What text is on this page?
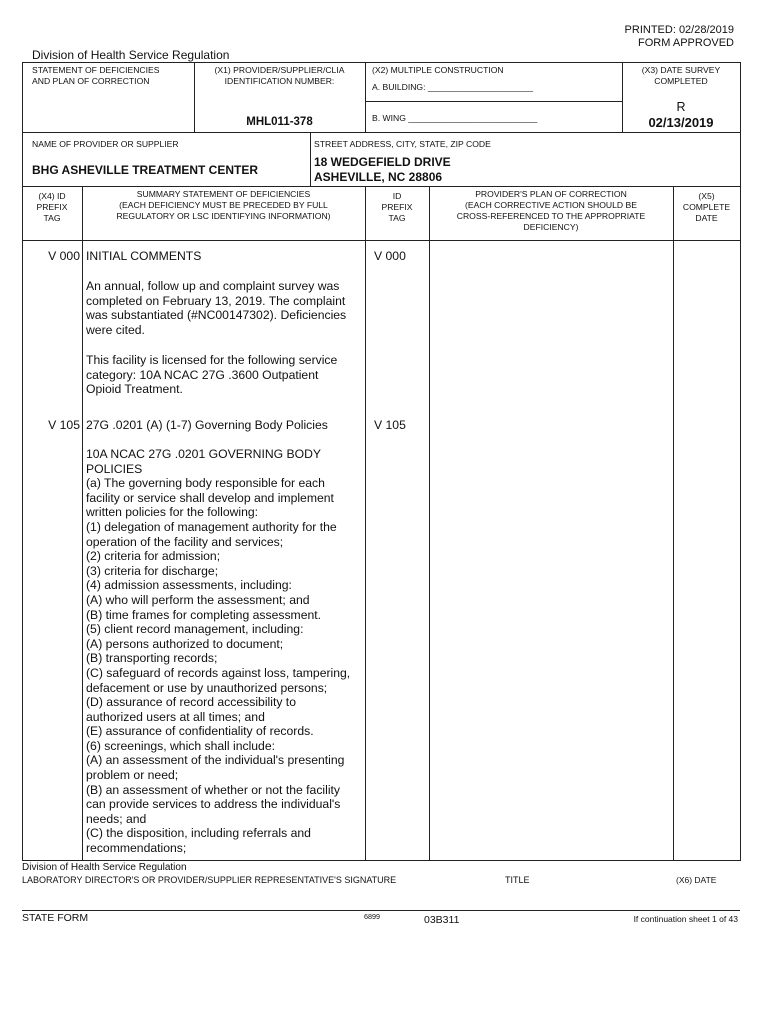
PRINTED: 02/28/2019
FORM APPROVED
Division of Health Service Regulation
STATEMENT OF DEFICIENCIES
AND PLAN OF CORRECTION
(X1) PROVIDER/SUPPLIER/CLIA
IDENTIFICATION NUMBER:
MHL011-378
(X2) MULTIPLE CONSTRUCTION
A. BUILDING: ______________________
B. WING ___________________________
(X3) DATE SURVEY
COMPLETED
R
02/13/2019
NAME OF PROVIDER OR SUPPLIER
BHG ASHEVILLE TREATMENT CENTER
STREET ADDRESS, CITY, STATE, ZIP CODE
18 WEDGEFIELD DRIVE
ASHEVILLE, NC 28806
(X4) ID
PREFIX
TAG
SUMMARY STATEMENT OF DEFICIENCIES
(EACH DEFICIENCY MUST BE PRECEDED BY FULL
REGULATORY OR LSC IDENTIFYING INFORMATION)
ID
PREFIX
TAG
PROVIDER'S PLAN OF CORRECTION
(EACH CORRECTIVE ACTION SHOULD BE
CROSS-REFERENCED TO THE APPROPRIATE
DEFICIENCY)
(X5)
COMPLETE
DATE
V 000	V 000
INITIAL COMMENTS
An annual, follow up and complaint survey was
completed on February 13, 2019. The complaint
was substantiated (#NC00147302). Deficiencies
were cited.
This facility is licensed for the following service
category: 10A NCAC 27G .3600 Outpatient
Opioid Treatment.
V 105	V 105
27G .0201 (A) (1-7) Governing Body Policies
10A NCAC 27G .0201 GOVERNING BODY
POLICIES
(a) The governing body responsible for each
facility or service shall develop and implement
written policies for the following:
(1) delegation of management authority for the
operation of the facility and services;
(2) criteria for admission;
(3) criteria for discharge;
(4) admission assessments, including:
(A) who will perform the assessment; and
(B) time frames for completing assessment.
(5) client record management, including:
(A) persons authorized to document;
(B) transporting records;
(C) safeguard of records against loss, tampering,
defacement or use by unauthorized persons;
(D) assurance of record accessibility to
authorized users at all times; and
(E) assurance of confidentiality of records.
(6) screenings, which shall include:
(A) an assessment of the individual's presenting
problem or need;
(B) an assessment of whether or not the facility
can provide services to address the individual's
needs; and
(C) the disposition, including referrals and
recommendations;
Division of Health Service Regulation
LABORATORY DIRECTOR'S OR PROVIDER/SUPPLIER REPRESENTATIVE'S SIGNATURE	TITLE	(X6) DATE
STATE FORM	6899	03B311	If continuation sheet 1 of 43
